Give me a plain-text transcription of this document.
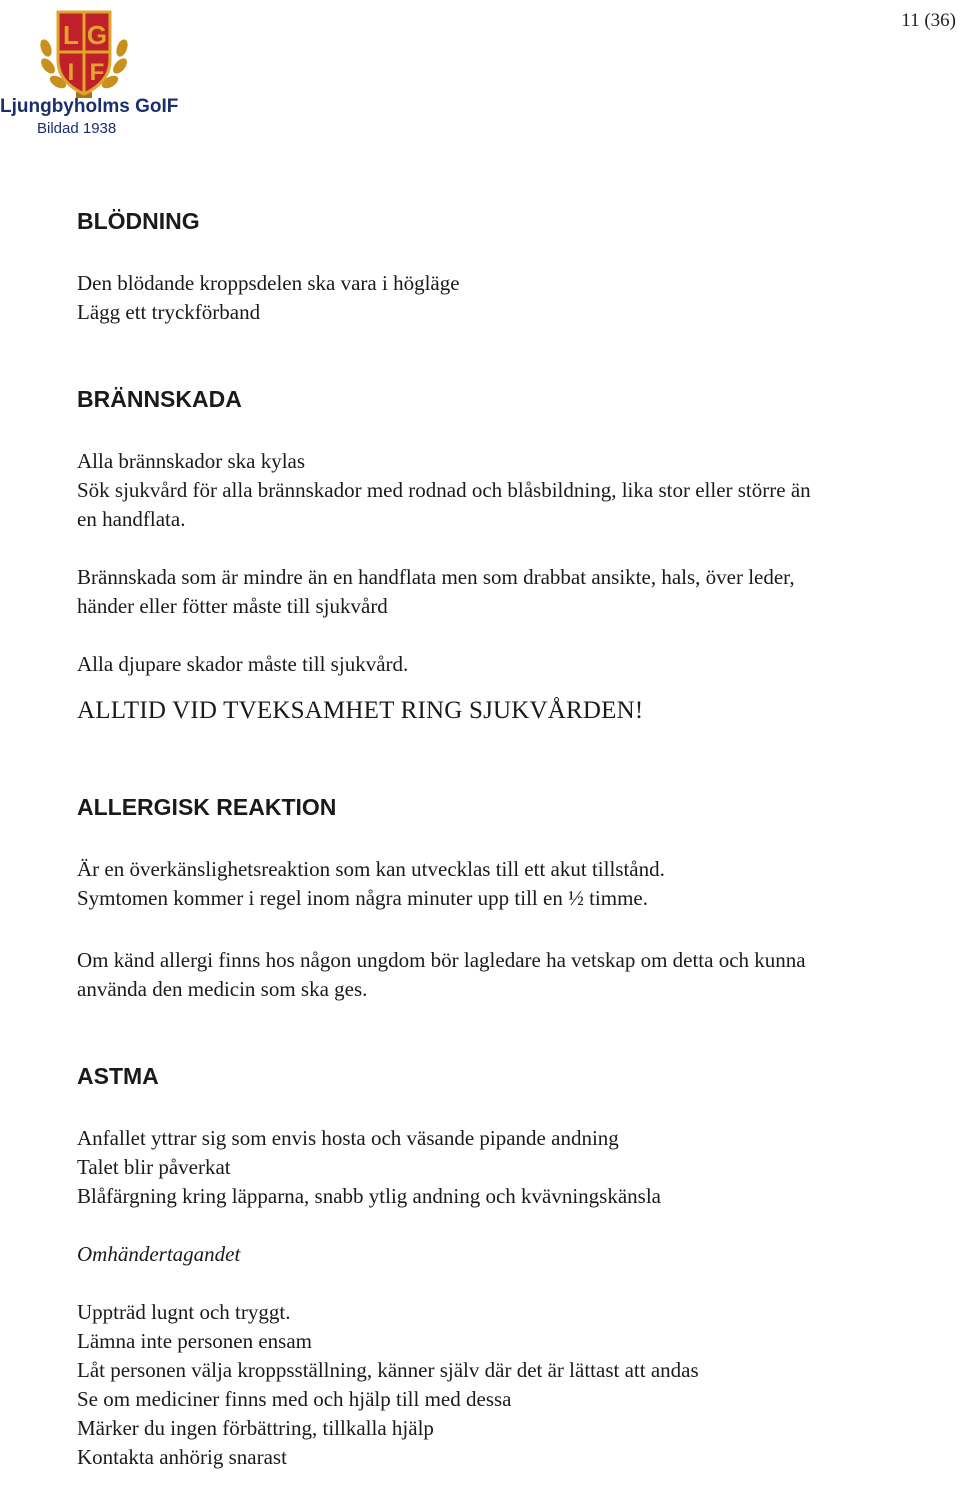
11 (36)
L G
I F
Ljungbyholms GoIF
Bildad 1938
BLÖDNING

Den blödande kroppsdelen ska vara i högläge

Lägg ett tryckförband

BRÄNNSKADA

Alla brännskador ska kylas

Sök sjukvård för alla brännskador med rodnad och blåsbildning, lika stor eller större än

en handflata.

Brännskada som är mindre än en handflata men som drabbat ansikte, hals, över leder,

händer eller fötter måste till sjukvård

Alla djupare skador måste till sjukvård.

ALLTID VID TVEKSAMHET RING SJUKVÅRDEN!

ALLERGISK REAKTION

Är en överkänslighetsreaktion som kan utvecklas till ett akut tillstånd.

Symtomen kommer i regel inom några minuter upp till en ½ timme.

Om känd allergi finns hos någon ungdom bör lagledare ha vetskap om detta och kunna

använda den medicin som ska ges.

ASTMA

Anfallet yttrar sig som envis hosta och väsande pipande andning

Talet blir påverkat

Blåfärgning kring läpparna, snabb ytlig andning och kvävningskänsla

Omhändertagandet

Uppträd lugnt och tryggt.

Lämna inte personen ensam

Låt personen välja kroppsställning, känner själv där det är lättast att andas

Se om mediciner finns med och hjälp till med dessa

Märker du ingen förbättring, tillkalla hjälp

Kontakta anhörig snarast
